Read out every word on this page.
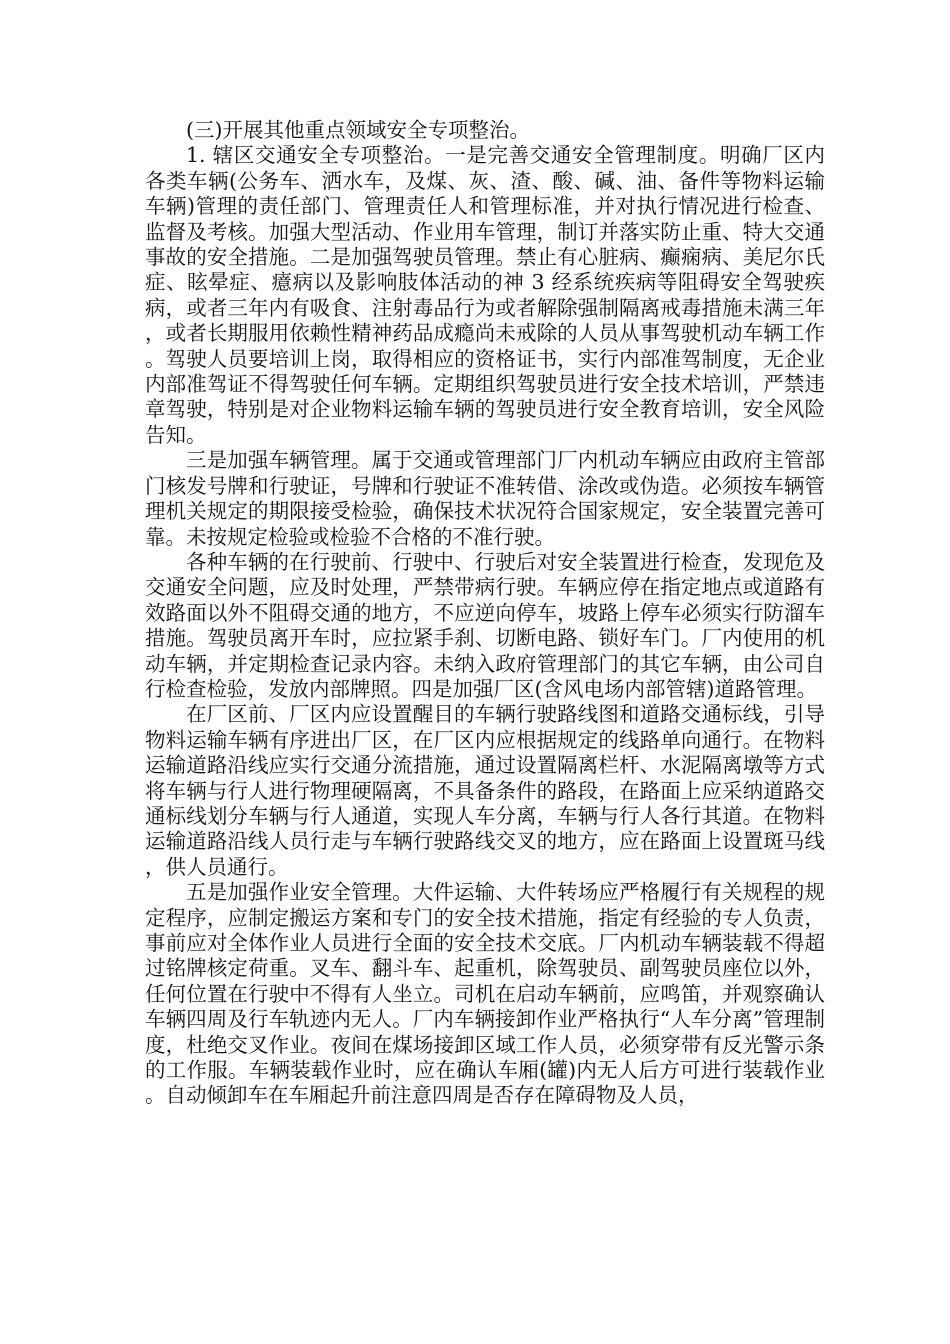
(三)开展其他重点领域安全专项整治。

1. 辖区交通安全专项整治。一是完善交通安全管理制度。明确厂区内各类车辆(公务车、洒水车，及煤、灰、渣、酸、碱、油、备件等物料运输车辆)管理的责任部门、管理责任人和管理标准，并对执行情况进行检查、监督及考核。加强大型活动、作业用车管理，制订并落实防止重、特大交通事故的安全措施。二是加强驾驶员管理。禁止有心脏病、癫痫病、美尼尔氏症、眩晕症、癔病以及影响肢体活动的神 3 经系统疾病等阻碍安全驾驶疾病，或者三年内有吸食、注射毒品行为或者解除强制隔离戒毒措施未满三年，或者长期服用依赖性精神药品成瘾尚未戒除的人员从事驾驶机动车辆工作。驾驶人员要培训上岗，取得相应的资格证书，实行内部准驾制度，无企业内部准驾证不得驾驶任何车辆。定期组织驾驶员进行安全技术培训，严禁违章驾驶，特别是对企业物料运输车辆的驾驶员进行安全教育培训，安全风险告知。

三是加强车辆管理。属于交通或管理部门厂内机动车辆应由政府主管部门核发号牌和行驶证，号牌和行驶证不准转借、涂改或伪造。必须按车辆管理机关规定的期限接受检验，确保技术状况符合国家规定，安全装置完善可靠。未按规定检验或检验不合格的不准行驶。

各种车辆的在行驶前、行驶中、行驶后对安全装置进行检查，发现危及交通安全问题，应及时处理，严禁带病行驶。车辆应停在指定地点或道路有效路面以外不阻碍交通的地方，不应逆向停车，坡路上停车必须实行防溜车措施。驾驶员离开车时，应拉紧手刹、切断电路、锁好车门。厂内使用的机动车辆，并定期检查记录内容。未纳入政府管理部门的其它车辆，由公司自行检查检验，发放内部牌照。四是加强厂区(含风电场内部管辖)道路管理。

在厂区前、厂区内应设置醒目的车辆行驶路线图和道路交通标线，引导物料运输车辆有序进出厂区，在厂区内应根据规定的线路单向通行。在物料运输道路沿线应实行交通分流措施，通过设置隔离栏杆、水泥隔离墩等方式将车辆与行人进行物理硬隔离，不具备条件的路段，在路面上应采纳道路交通标线划分车辆与行人通道，实现人车分离，车辆与行人各行其道。在物料运输道路沿线人员行走与车辆行驶路线交叉的地方，应在路面上设置斑马线，供人员通行。

五是加强作业安全管理。大件运输、大件转场应严格履行有关规程的规定程序，应制定搬运方案和专门的安全技术措施，指定有经验的专人负责，事前应对全体作业人员进行全面的安全技术交底。厂内机动车辆装载不得超过铭牌核定荷重。叉车、翻斗车、起重机，除驾驶员、副驾驶员座位以外，任何位置在行驶中不得有人坐立。司机在启动车辆前，应鸣笛，并观察确认车辆四周及行车轨迹内无人。厂内车辆接卸作业严格执行“人车分离”管理制度，杜绝交叉作业。夜间在煤场接卸区域工作人员，必须穿带有反光警示条的工作服。车辆装载作业时，应在确认车厢(罐)内无人后方可进行装载作业。自动倾卸车在车厢起升前注意四周是否存在障碍物及人员，
